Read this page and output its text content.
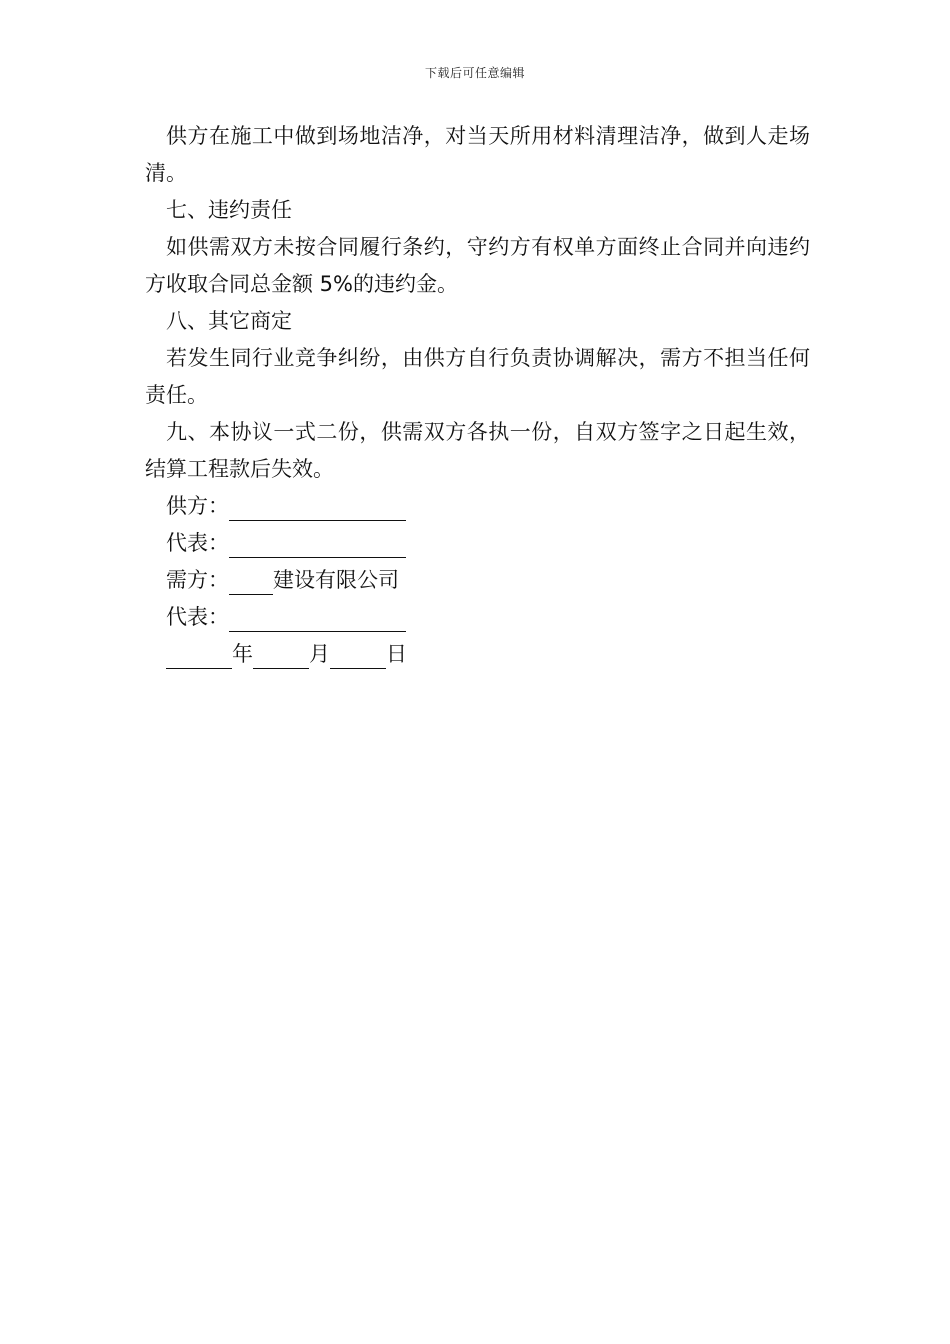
下载后可任意编辑

供方在施工中做到场地洁净，对当天所用材料清理洁净，做到人走场清。

七、违约责任

如供需双方未按合同履行条约，守约方有权单方面终止合同并向违约方收取合同总金额 5%的违约金。

八、其它商定

若发生同行业竞争纠纷，由供方自行负责协调解决，需方不担当任何责任。

九、本协议一式二份，供需双方各执一份，自双方签字之日起生效，结算工程款后失效。

供方：
代表：
需方： 建设有限公司
代表：
年	月	日
